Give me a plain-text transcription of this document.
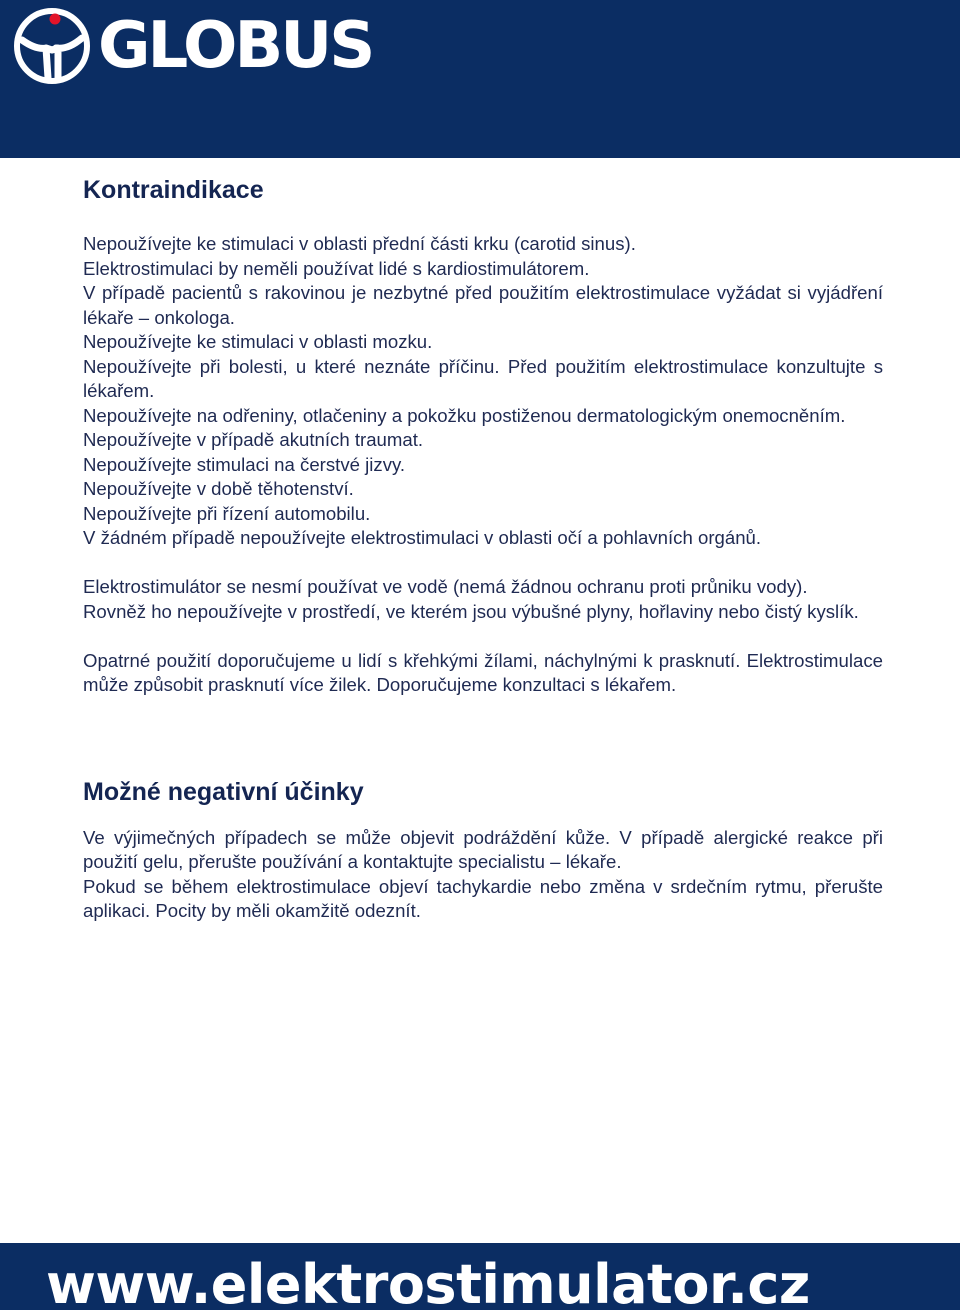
GLOBUS
Kontraindikace
Nepoužívejte ke stimulaci v oblasti přední části krku (carotid sinus).
Elektrostimulaci by neměli používat lidé s kardiostimulátorem.
V případě pacientů s rakovinou je nezbytné před použitím elektrostimulace vyžádat si vyjádření lékaře – onkologa.
Nepoužívejte ke stimulaci v oblasti mozku.
Nepoužívejte při bolesti, u které neznáte příčinu. Před použitím elektrostimulace konzultujte s lékařem.
Nepoužívejte na odřeniny, otlačeniny a pokožku postiženou dermatologickým onemocněním.
Nepoužívejte v případě akutních traumat.
Nepoužívejte stimulaci na čerstvé jizvy.
Nepoužívejte v době těhotenství.
Nepoužívejte při řízení automobilu.
V žádném případě nepoužívejte elektrostimulaci v oblasti očí a pohlavních orgánů.
Elektrostimulátor se nesmí používat ve vodě (nemá žádnou ochranu proti průniku vody).
Rovněž ho nepoužívejte v prostředí, ve kterém jsou výbušné plyny, hořlaviny nebo čistý kyslík.

Opatrné použití doporučujeme u lidí s křehkými žílami, náchylnými k prasknutí. Elektrostimulace může způsobit prasknutí více žilek. Doporučujeme konzultaci s lékařem.

Možné negativní účinky
Ve výjimečných případech se může objevit podráždění kůže. V případě alergické reakce při použití gelu, přerušte používání a kontaktujte specialistu – lékaře.
Pokud se během elektrostimulace objeví tachykardie nebo změna v srdečním rytmu, přerušte aplikaci. Pocity by měli okamžitě odeznít.
www.elektrostimulator.cz
